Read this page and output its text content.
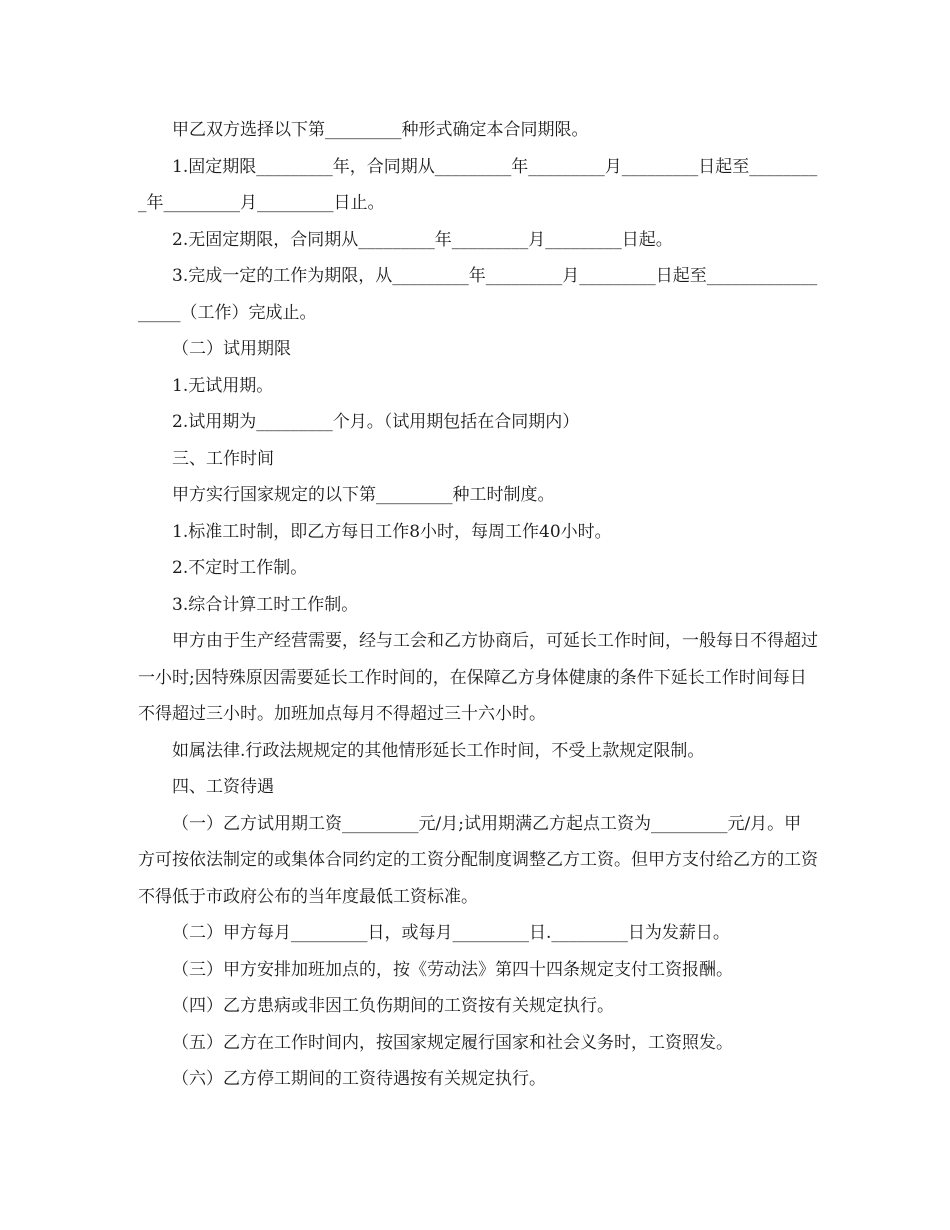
甲乙双方选择以下第_________种形式确定本合同期限。

1.固定期限_________年，合同期从_________年_________月_________日起至_________年_________月_________日止。

2.无固定期限，合同期从_________年_________月_________日起。

3.完成一定的工作为期限，从_________年_________月_________日起至__________________（工作）完成止。

（二）试用期限

1.无试用期。

2.试用期为_________个月。（试用期包括在合同期内）

三、工作时间

甲方实行国家规定的以下第_________种工时制度。

1.标准工时制，即乙方每日工作8小时，每周工作40小时。

2.不定时工作制。

3.综合计算工时工作制。

甲方由于生产经营需要，经与工会和乙方协商后，可延长工作时间，一般每日不得超过一小时;因特殊原因需要延长工作时间的，在保障乙方身体健康的条件下延长工作时间每日不得超过三小时。加班加点每月不得超过三十六小时。

如属法律.行政法规规定的其他情形延长工作时间，不受上款规定限制。

四、工资待遇

（一）乙方试用期工资_________元/月;试用期满乙方起点工资为_________元/月。甲方可按依法制定的或集体合同约定的工资分配制度调整乙方工资。但甲方支付给乙方的工资不得低于市政府公布的当年度最低工资标准。

（二）甲方每月_________日，或每月_________日._________日为发薪日。

（三）甲方安排加班加点的，按《劳动法》第四十四条规定支付工资报酬。

（四）乙方患病或非因工负伤期间的工资按有关规定执行。

（五）乙方在工作时间内，按国家规定履行国家和社会义务时，工资照发。

（六）乙方停工期间的工资待遇按有关规定执行。
